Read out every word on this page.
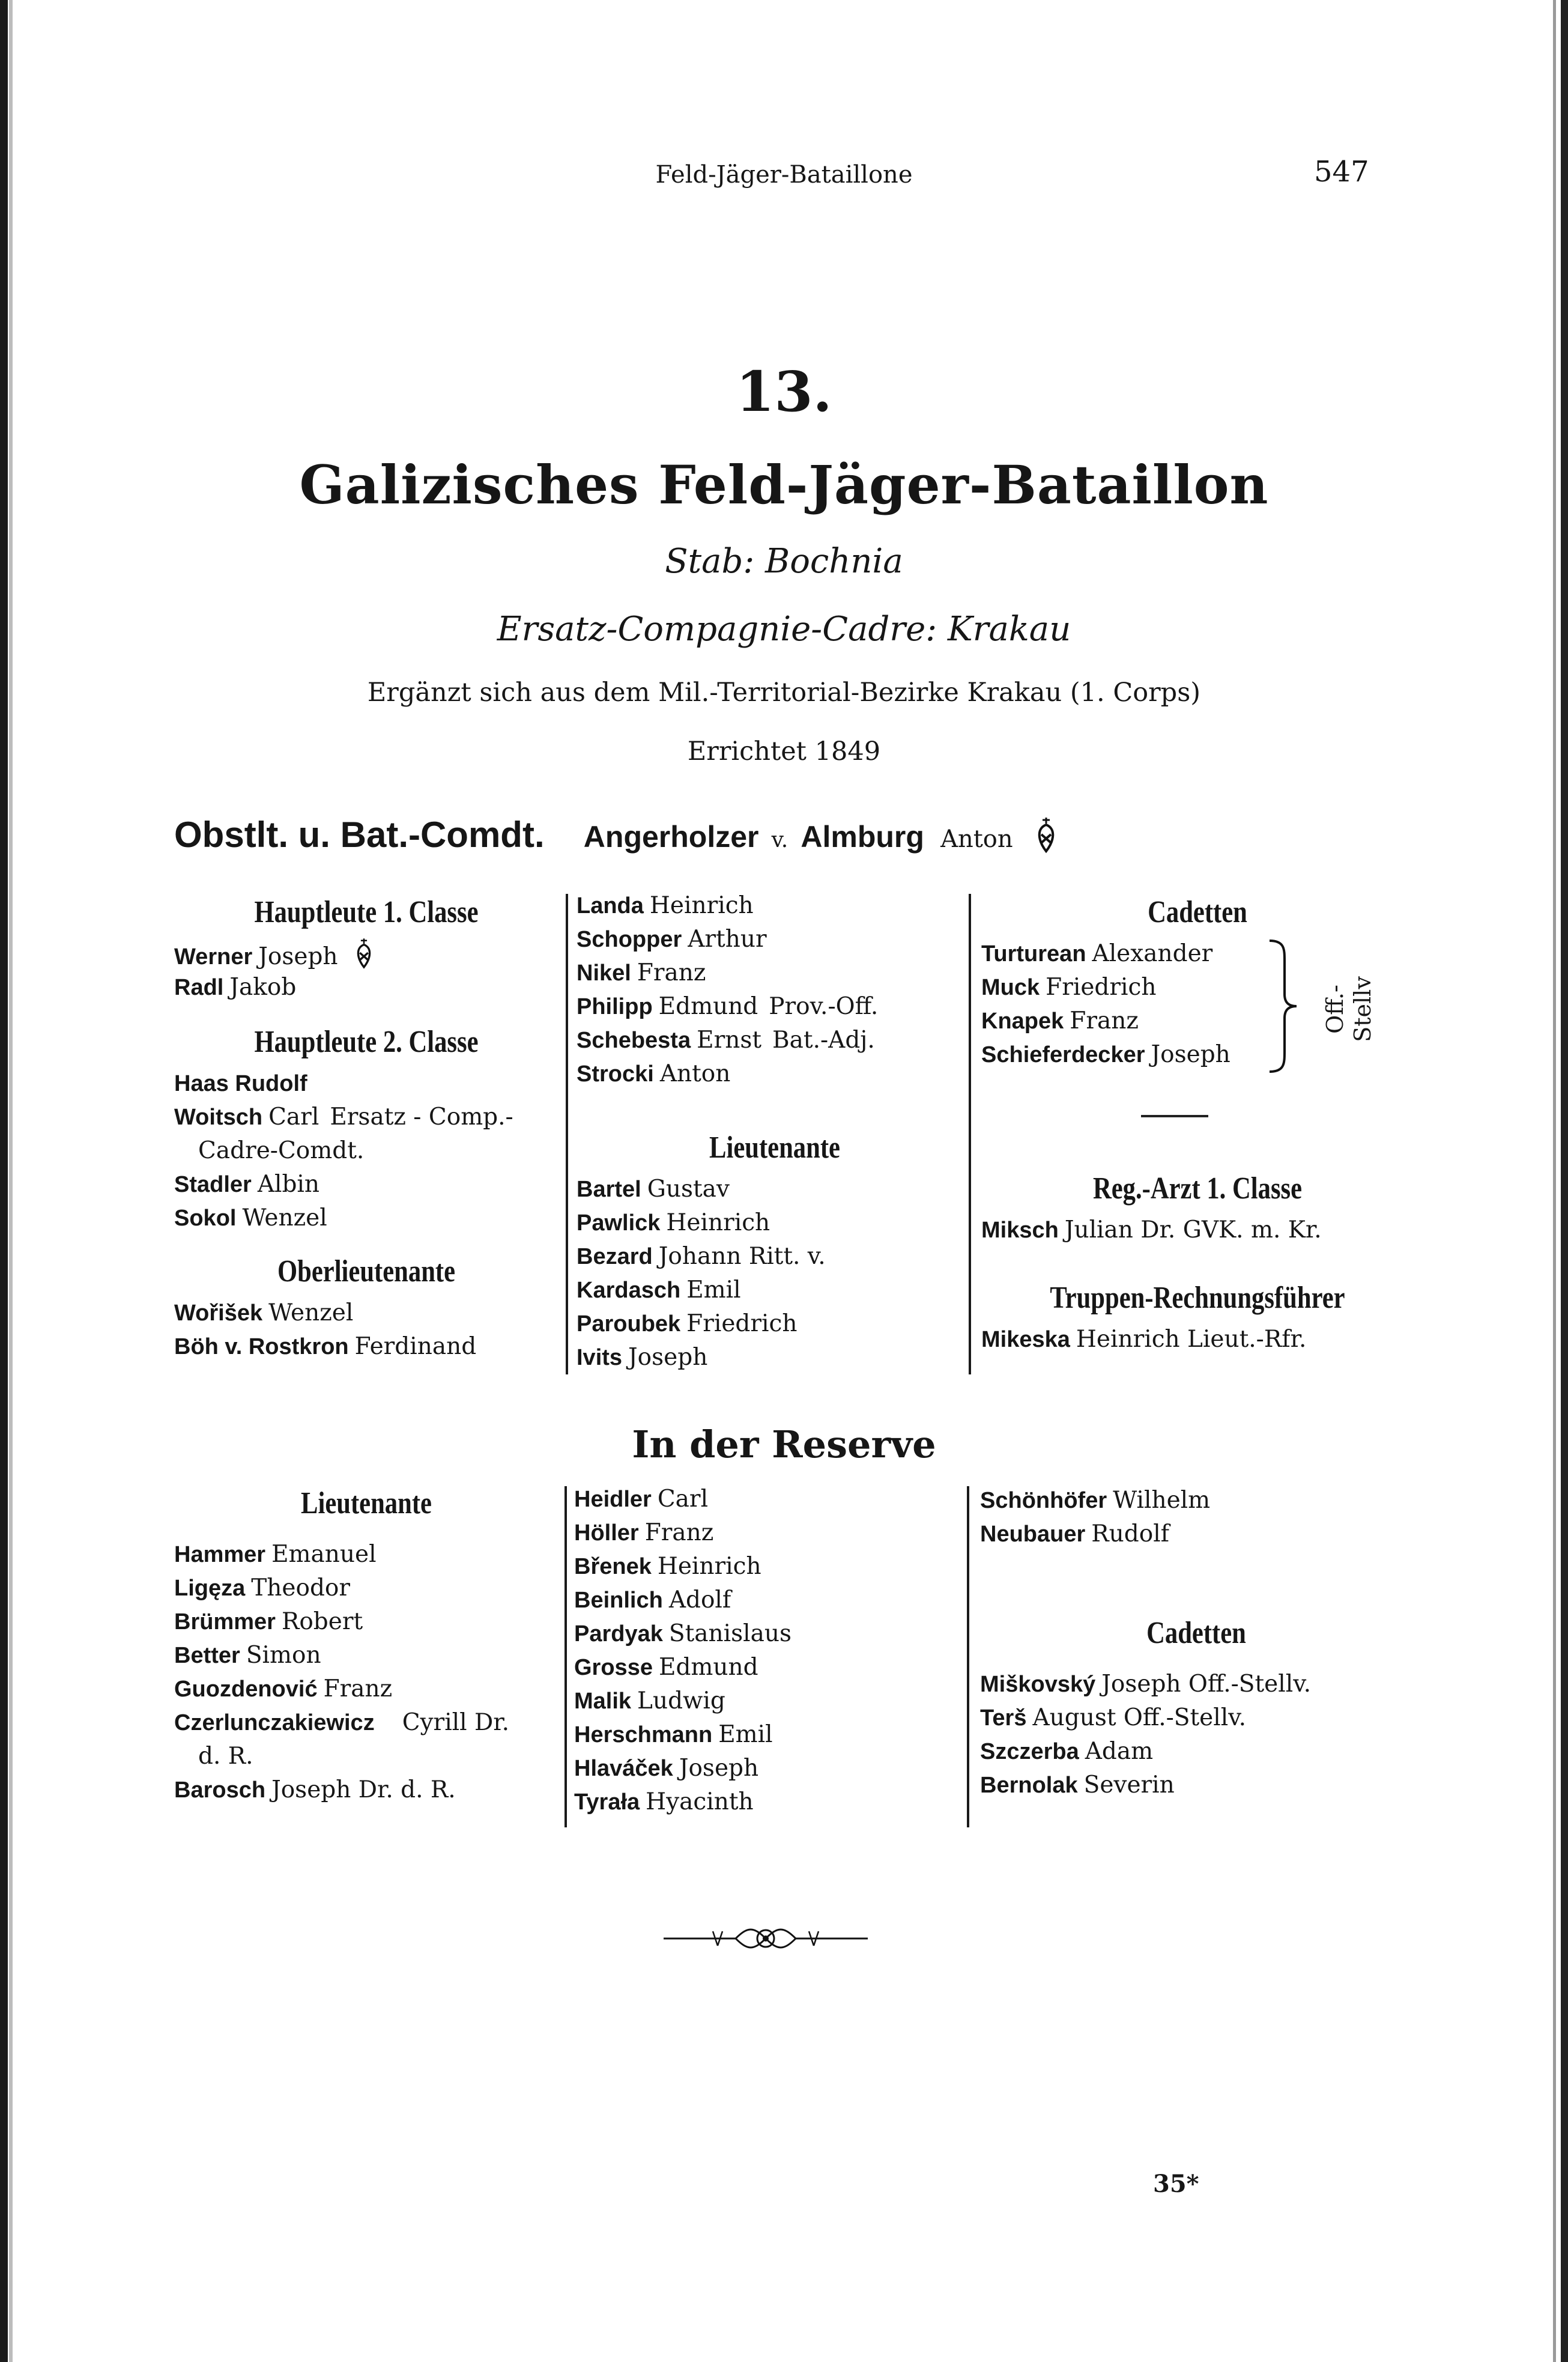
Feld-Jäger-Bataillone	547
13.
Galizisches Feld-Jäger-Bataillon
Stab: Bochnia
Ersatz-Compagnie-Cadre: Krakau
Ergänzt sich aus dem Mil.-Territorial-Bezirke Krakau (1. Corps)
Errichtet 1849
Obstlt. u. Bat.-Comdt. Angerholzer v. Almburg Anton
Hauptleute 1. Classe
Werner Joseph
Radl Jakob
Hauptleute 2. Classe
Haas Rudolf
Woitsch Carl Ersatz - Comp.-
Cadre-Comdt.
Stadler Albin
Sokol Wenzel
Oberlieutenante
Wořišek Wenzel
Böh v. Rostkron Ferdinand
Landa Heinrich
Schopper Arthur
Nikel Franz
Philipp Edmund Prov.-Off.
Schebesta Ernst Bat.-Adj.
Strocki Anton
Lieutenante
Bartel Gustav
Pawlick Heinrich
Bezard Johann Ritt. v.
Kardasch Emil
Paroubek Friedrich
Ivits Joseph
Cadetten
Turturean Alexander
Muck Friedrich
Knapek Franz
Schieferdecker Joseph
Off.- Stellv
Reg.-Arzt 1. Classe
Miksch Julian Dr. GVK. m. Kr.
Truppen-Rechnungsführer
Mikeska Heinrich Lieut.-Rfr.
In der Reserve
Lieutenante
Hammer Emanuel
Ligęza Theodor
Brümmer Robert
Better Simon
Guozdenović Franz
Czerlunczakiewicz Cyrill Dr.
d. R.
Barosch Joseph Dr. d. R.
Heidler Carl
Höller Franz
Břenek Heinrich
Beinlich Adolf
Pardyak Stanislaus
Grosse Edmund
Malik Ludwig
Herschmann Emil
Hlaváček Joseph
Tyrała Hyacinth
Schönhöfer Wilhelm
Neubauer Rudolf
Cadetten
Miškovský Joseph Off.-Stellv.
Terš August Off.-Stellv.
Szczerba Adam
Bernolak Severin
35*
